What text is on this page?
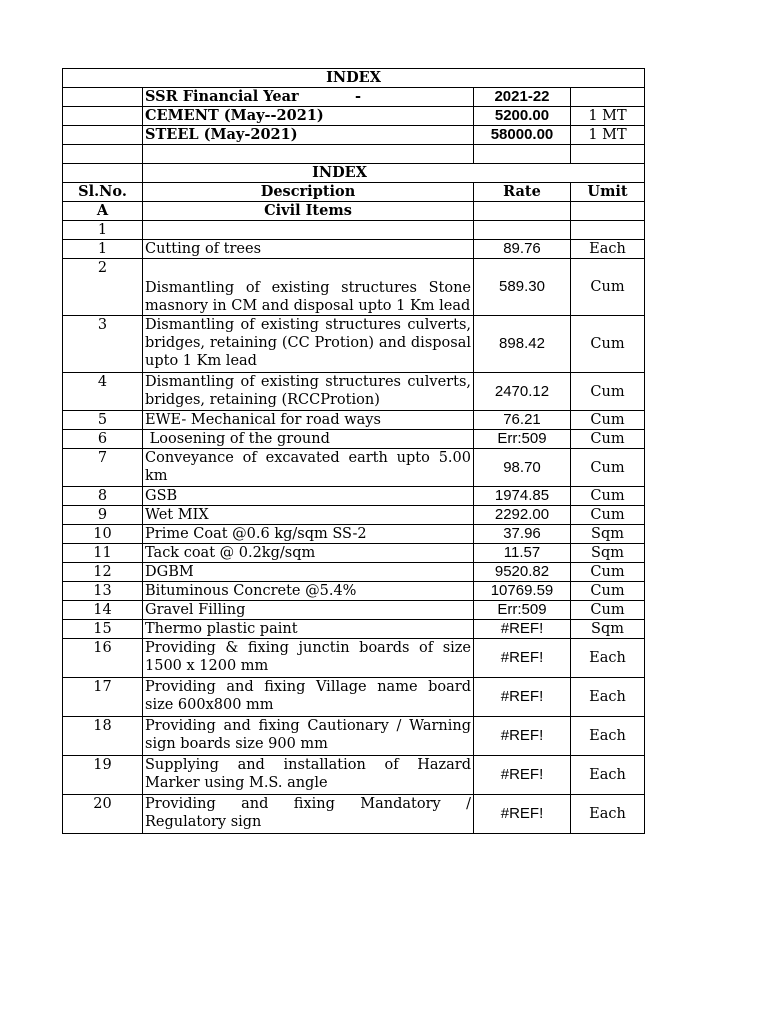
INDEX			

	SSR Financial Year -	2021-22	
	CEMENT (May--2021)	5200.00	1 MT
	STEEL (May-2021)	58000.00	1 MT

	INDEX		
Sl.No.	Description	Rate	Umit
A	Civil Items		
1			
1	Cutting of trees	89.76	Each
2	Dismantling of existing structures Stone masnory in CM and disposal upto 1 Km lead	589.30	Cum
3	Dismantling of existing structures culverts, bridges, retaining (CC Protion) and disposal upto 1 Km lead	898.42	Cum
4	Dismantling of existing structures culverts, bridges, retaining (RCCProtion)	2470.12	Cum
5	EWE- Mechanical for road ways	76.21	Cum
6	Loosening of the ground	Err:509	Cum
7	Conveyance of excavated earth upto 5.00 km	98.70	Cum
8	GSB	1974.85	Cum
9	Wet MIX	2292.00	Cum
10	Prime Coat @0.6 kg/sqm SS-2	37.96	Sqm
11	Tack coat @ 0.2kg/sqm	11.57	Sqm
12	DGBM	9520.82	Cum
13	Bituminous Concrete @5.4%	10769.59	Cum
14	Gravel Filling	Err:509	Cum
15	Thermo plastic paint	#REF!	Sqm
16	Providing & fixing junctin boards of size 1500 x 1200 mm	#REF!	Each
17	Providing and fixing Village name board size 600x800 mm	#REF!	Each
18	Providing and fixing Cautionary / Warning sign boards size 900 mm	#REF!	Each
19	Supplying and installation of Hazard Marker using M.S. angle	#REF!	Each
20	Providing and fixing Mandatory / Regulatory sign	#REF!	Each
